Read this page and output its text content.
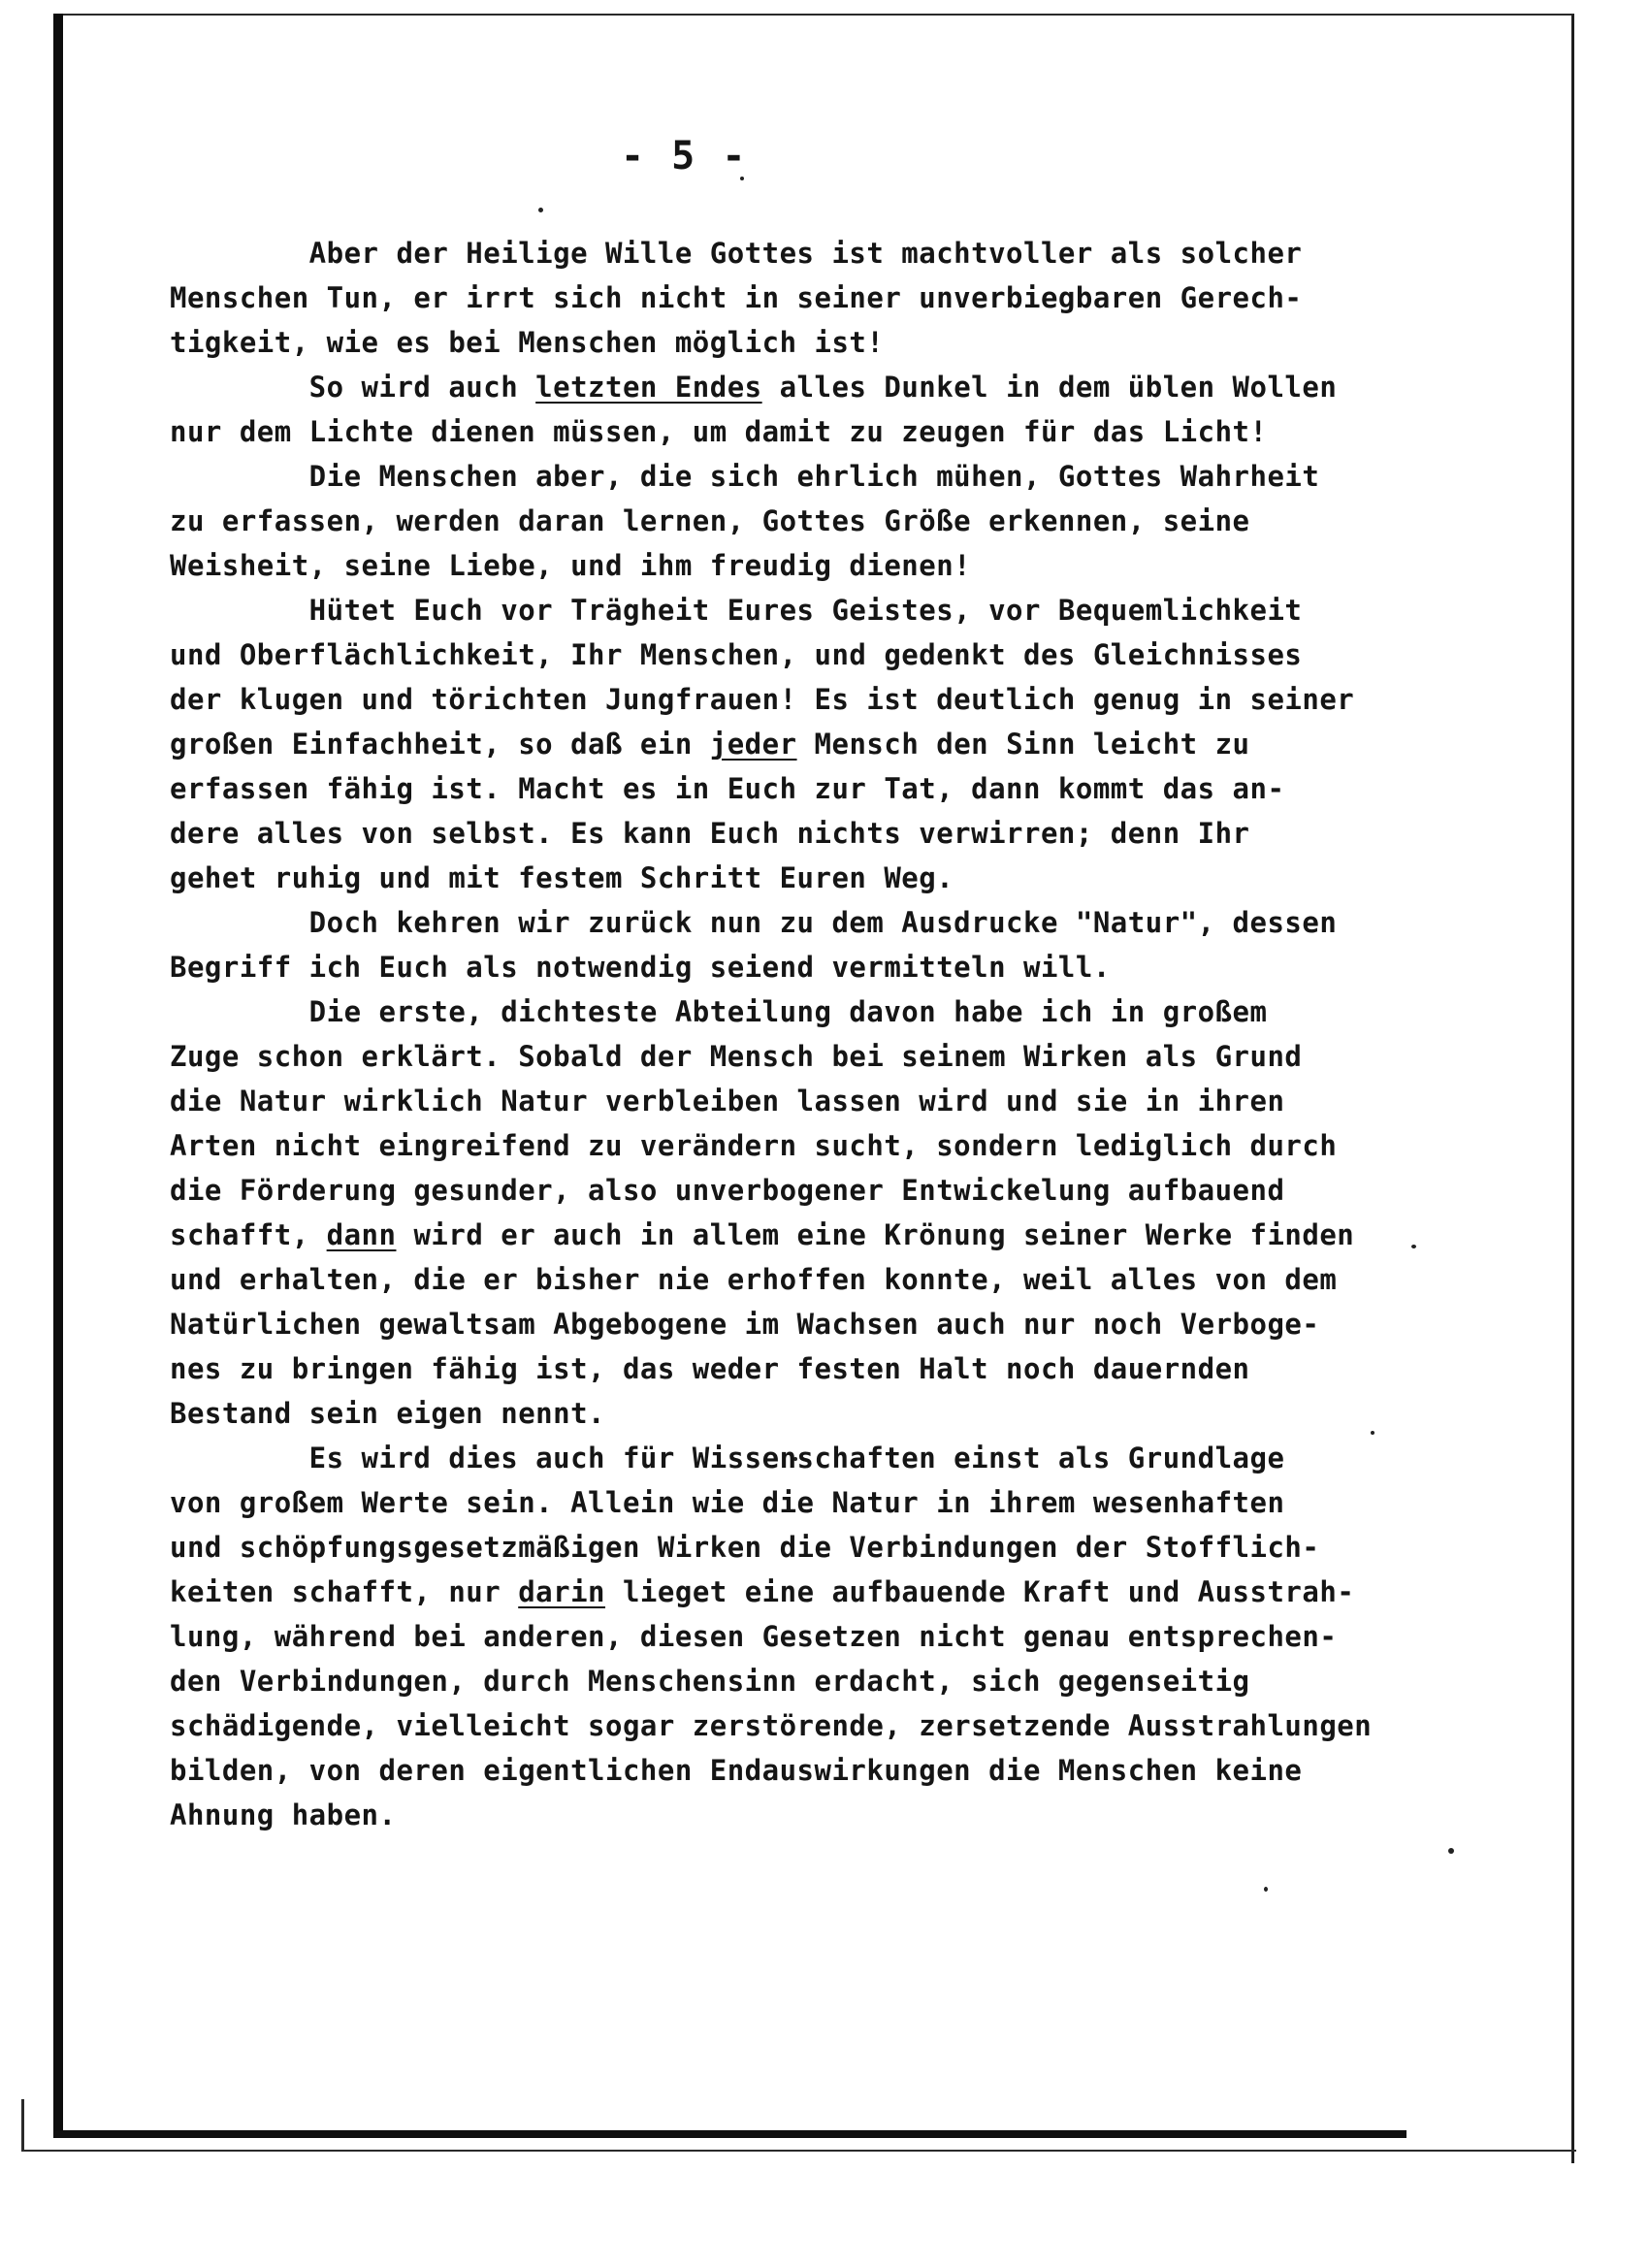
- 5 -
Aber der Heilige Wille Gottes ist machtvoller als solcher
Menschen Tun, er irrt sich nicht in seiner unverbiegbaren Gerech-
tigkeit, wie es bei Menschen möglich ist!
So wird auch letzten Endes alles Dunkel in dem üblen Wollen
nur dem Lichte dienen müssen, um damit zu zeugen für das Licht!
Die Menschen aber, die sich ehrlich mühen, Gottes Wahrheit
zu erfassen, werden daran lernen, Gottes Größe erkennen, seine
Weisheit, seine Liebe, und ihm freudig dienen!
Hütet Euch vor Trägheit Eures Geistes, vor Bequemlichkeit
und Oberflächlichkeit, Ihr Menschen, und gedenkt des Gleichnisses
der klugen und törichten Jungfrauen! Es ist deutlich genug in seiner
großen Einfachheit, so daß ein jeder Mensch den Sinn leicht zu
erfassen fähig ist. Macht es in Euch zur Tat, dann kommt das an-
dere alles von selbst. Es kann Euch nichts verwirren; denn Ihr
gehet ruhig und mit festem Schritt Euren Weg.
Doch kehren wir zurück nun zu dem Ausdrucke "Natur", dessen
Begriff ich Euch als notwendig seiend vermitteln will.
Die erste, dichteste Abteilung davon habe ich in großem
Zuge schon erklärt. Sobald der Mensch bei seinem Wirken als Grund
die Natur wirklich Natur verbleiben lassen wird und sie in ihren
Arten nicht eingreifend zu verändern sucht, sondern lediglich durch
die Förderung gesunder, also unverbogener Entwickelung aufbauend
schafft, dann wird er auch in allem eine Krönung seiner Werke finden
und erhalten, die er bisher nie erhoffen konnte, weil alles von dem
Natürlichen gewaltsam Abgebogene im Wachsen auch nur noch Verboge-
nes zu bringen fähig ist, das weder festen Halt noch dauernden
Bestand sein eigen nennt.
Es wird dies auch für Wissenschaften einst als Grundlage
von großem Werte sein. Allein wie die Natur in ihrem wesenhaften
und schöpfungsgesetzmäßigen Wirken die Verbindungen der Stofflich-
keiten schafft, nur darin lieget eine aufbauende Kraft und Ausstrah-
lung, während bei anderen, diesen Gesetzen nicht genau entsprechen-
den Verbindungen, durch Menschensinn erdacht, sich gegenseitig
schädigende, vielleicht sogar zerstörende, zersetzende Ausstrahlungen
bilden, von deren eigentlichen Endauswirkungen die Menschen keine
Ahnung haben.
